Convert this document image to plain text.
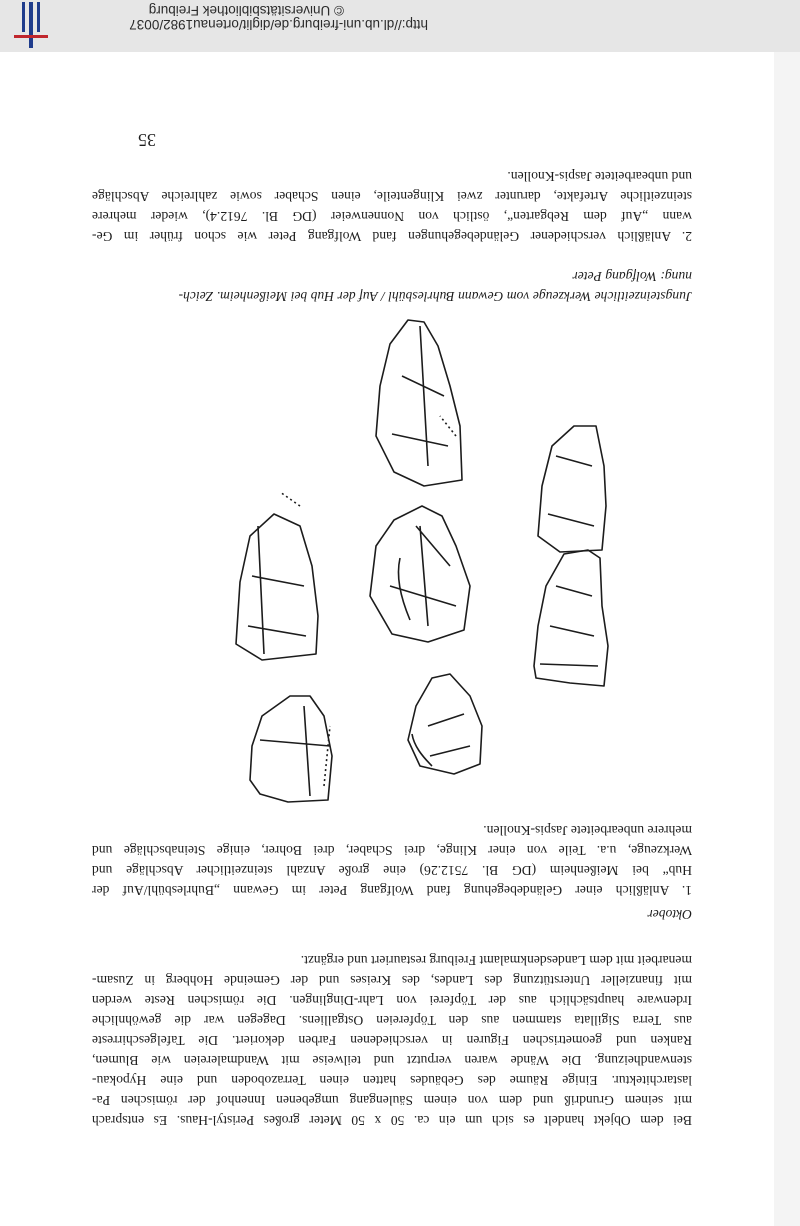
35
Bei dem Objekt handelt es sich um ein ca. 50 x 50 Meter großes Peristyl-Haus. Es entsprach
mit seinem Grundriß und dem von einem Säulengang umgebenen Innenhof der römischen Pa-
lastarchitektur. Einige Räume des Gebäudes hatten einen Terrazoboden und eine Hypokau-
stenwandheizung. Die Wände waren verputzt und teilweise mit Wandmalereien wie Blumen,
Ranken und geometrischen Figuren in verschiedenen Farben dekoriert. Die Tafelgeschirreste
aus Terra Sigillata stammen aus den Töpfereien Ostgalliens. Dagegen war die gewöhnliche
Irdenware hauptsächlich aus der Töpferei von Lahr-Dinglingen. Die römischen Reste werden
mit finanzieller Unterstützung des Landes, des Kreises und der Gemeinde Hohberg in Zusam-
menarbeit mit dem Landesdenkmalamt Freiburg restauriert und ergänzt.
Oktober
1. Anläßlich einer Geländebegehung fand Wolfgang Peter im Gewann „Buhrlesbühl/Auf der
Hub“ bei Meißenheim (DG Bl. 7512.26) eine große Anzahl steinzeitlicher Abschläge und
Werkzeuge, u.a. Teile von einer Klinge, drei Schaber, drei Bohrer, einige Steinabschläge und
mehrere unbearbeitete Jaspis-Knollen.
Jungsteinzeitliche Werkzeuge vom Gewann Buhrlesbühl / Auf der Hub bei Meißenheim. Zeich-
nung: Wolfgang Peter
2. Anläßlich verschiedener Geländebegehungen fand Wolfgang Peter wie schon früher im Ge-
wann „Auf dem Rebgarten“, östlich von Nonnenweier (DG Bl. 7612.4), wieder mehrere
steinzeitliche Artefakte, darunter zwei Klingenteile, einen Schaber sowie zahlreiche Abschläge
und unbearbeitete Jaspis-Knollen.
http://dl.ub.uni-freiburg.de/diglit/ortenau1982/0037
© Universitätsbibliothek Freiburg
